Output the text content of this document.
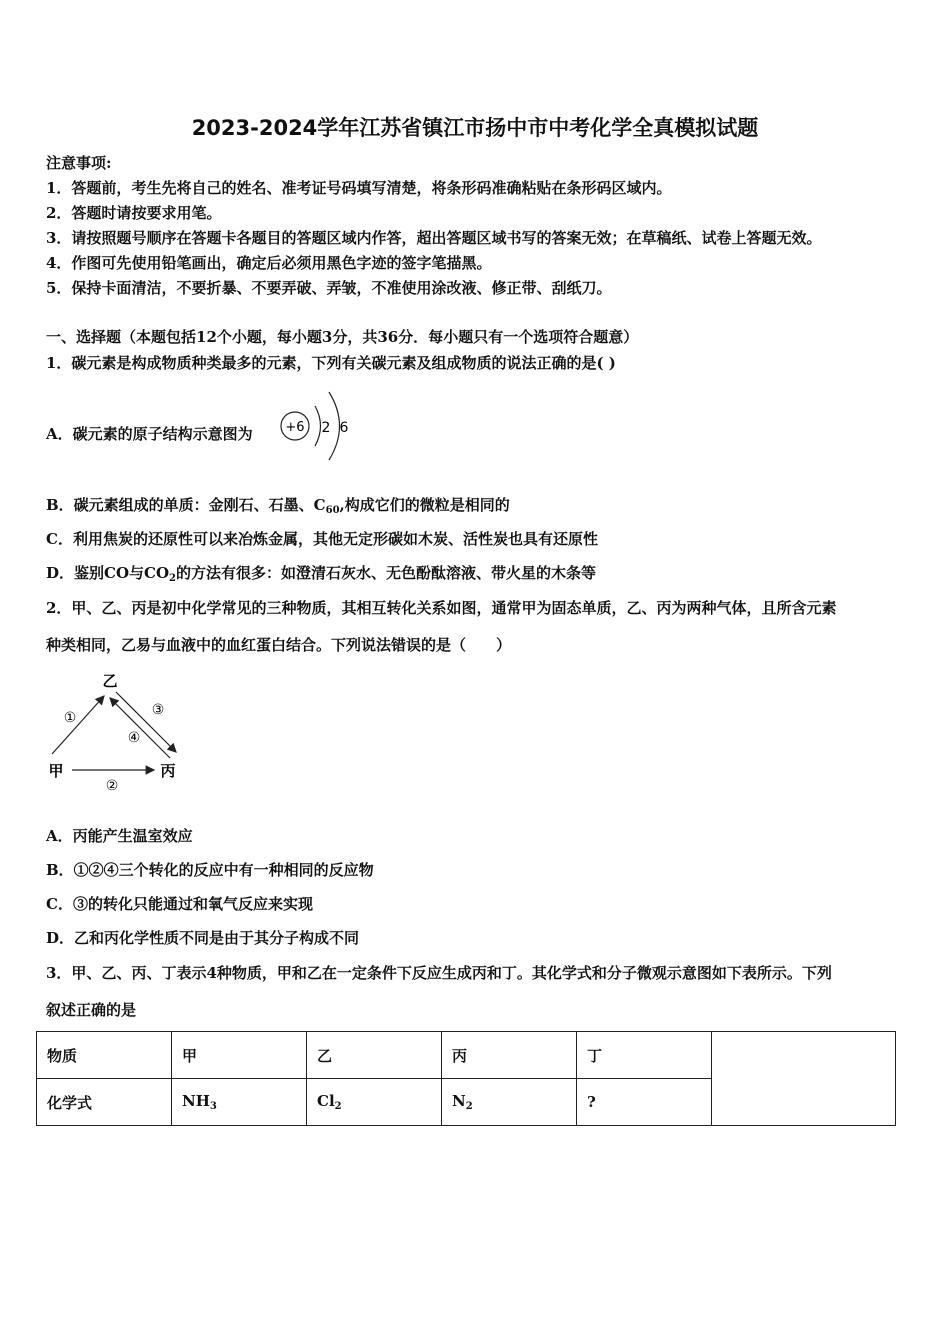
2023-2024学年江苏省镇江市扬中市中考化学全真模拟试题
注意事项:
1．答题前，考生先将自己的姓名、准考证号码填写清楚，将条形码准确粘贴在条形码区域内。
2．答题时请按要求用笔。
3．请按照题号顺序在答题卡各题目的答题区域内作答，超出答题区域书写的答案无效；在草稿纸、试卷上答题无效。
4．作图可先使用铅笔画出，确定后必须用黑色字迹的签字笔描黑。
5．保持卡面清洁，不要折暴、不要弄破、弄皱，不准使用涂改液、修正带、刮纸刀。
一、选择题（本题包括12个小题，每小题3分，共36分．每小题只有一个选项符合题意）
1．碳元素是构成物质种类最多的元素，下列有关碳元素及组成物质的说法正确的是( )
A．碳元素的原子结构示意图为	+6 2 6
B．碳元素组成的单质：金刚石、石墨、$C_{60}$,构成它们的微粒是相同的
C．利用焦炭的还原性可以来冶炼金属，其他无定形碳如木炭、活性炭也具有还原性
D．鉴别CO与$CO_2$的方法有很多：如澄清石灰水、无色酚酞溶液、带火星的木条等
2．甲、乙、丙是初中化学常见的三种物质，其相互转化关系如图，通常甲为固态单质，乙、丙为两种气体，且所含元素
种类相同，乙易与血液中的血红蛋白结合。下列说法错误的是（　　）
乙
甲	丙
①
②
③
④
A．丙能产生温室效应
B．①②④三个转化的反应中有一种相同的反应物
C．③的转化只能通过和氧气反应来实现
D．乙和丙化学性质不同是由于其分子构成不同
3．甲、乙、丙、丁表示4种物质，甲和乙在一定条件下反应生成丙和丁。其化学式和分子微观示意图如下表所示。下列
叙述正确的是
物质	甲	乙	丙	丁	
化学式	$NH_3$	$Cl_2$	$N_2$	?	
